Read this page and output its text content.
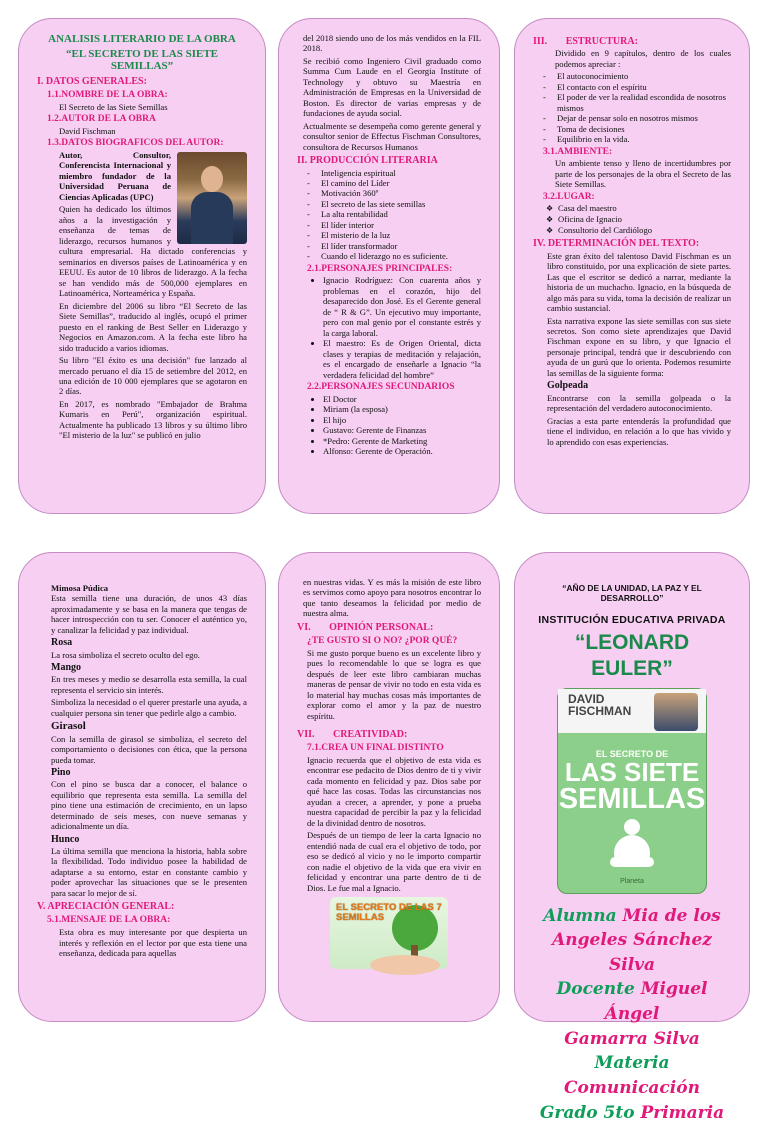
ANALISIS LITERARIO DE LA OBRA
“EL SECRETO DE LAS SIETE SEMILLAS”
I. DATOS GENERALES:
1.1.NOMBRE DE LA OBRA:

El Secreto de las Siete Semillas

1.2.AUTOR DE LA OBRA

David Fischman

1.3.DATOS BIOGRAFICOS DEL AUTOR:

Autor, Consultor, Conferencista Internacional y miembro fundador de la Universidad Peruana de Ciencias Aplicadas (UPC)

Quien ha dedicado los últimos años a la investigación y enseñanza de temas de liderazgo, recursos humanos y cultura empresarial. Ha dictado conferencias y seminarios en diversos países de Latinoamérica y en EEUU. Es autor de 10 libros de liderazgo. A la fecha se han vendido más de 500,000 ejemplares en Latinoamérica, Norteamérica y España.

En diciembre del 2006 su libro “El Secreto de las Siete Semillas”, traducido al inglés, ocupó el primer puesto en el ranking de Best Seller en Liderazgo y Negocios en Amazon.com. A la fecha este libro ha sido traducido a varios idiomas.

Su libro "El éxito es una decisión" fue lanzado al mercado peruano el día 15 de setiembre del 2012, en una edición de 10 000 ejemplares que se agotaron en 2 días.

En 2017, es nombrado "Embajador de Brahma Kumaris en Perú", organización espiritual. Actualmente ha publicado 13 libros y su último libro "El misterio de la luz" se publicó en julio

del 2018 siendo uno de los más vendidos en la FIL 2018.

Se recibió como Ingeniero Civil graduado como Summa Cum Laude en el Georgia Institute of Technology y obtuvo su Maestría en Administración de Empresas en la Universidad de Boston. Es director de varias empresas y de fundaciones de ayuda social.

Actualmente se desempeña como gerente general y consultor senior de Effectus Fischman Consultores, consultora de Recursos Humanos

II. PRODUCCIÓN LITERARIA
- Inteligencia espiritual
- El camino del Líder
- Motivación 360º
- El secreto de las siete semillas
- La alta rentabilidad
- El líder interior
- El misterio de la luz
- El líder transformador
- Cuando el liderazgo no es suficiente.
2.1.PERSONAJES PRINCIPALES:
• Ignacio Rodríguez: Con cuarenta años y problemas en el corazón, hijo del desaparecido don José. Es el Gerente general de “ R & G”. Un ejecutivo muy importante, pero con mal genio por el constante estrés y la carga laboral.
• El maestro: Es de Origen Oriental, dicta clases y terapias de meditación y relajación, es el encargado de enseñarle a Ignacio “la verdadera felicidad del hombre”
2.2.PERSONAJES SECUNDARIOS
• El Doctor
• Miriam (la esposa)
• El hijo
• Gustavo: Gerente de Finanzas
• *Pedro: Gerente de Marketing
• Alfonso: Gerente de Operación.
III. ESTRUCTURA:

Dividido en 9 capítulos, dentro de los cuales podemos apreciar :

- El autoconocimiento
- El contacto con el espíritu
- El poder de ver la realidad escondida de nosotros mismos
- Dejar de pensar solo en nosotros mismos
- Toma de decisiones
- Equilibrio en la vida.
3.1.AMBIENTE:

Un ambiente tenso y lleno de incertidumbres por parte de los personajes de la obra el Secreto de las Siete Semillas.

3.2.LUGAR:
❖ Casa del maestro
❖ Oficina de Ignacio
❖ Consultorio del Cardiólogo
IV. DETERMINACIÓN DEL TEXTO:

Este gran éxito del talentoso David Fischman es un libro constituido, por una explicación de siete partes. Las que el escritor se dedicó a narrar, mediante la historia de un muchacho. Ignacio, en la búsqueda de algo más para su vida, toma la decisión de realizar un cambio sustancial.

Esta narrativa expone las siete semillas con sus siete secretos. Son como siete aprendizajes que David Fischman expone en su libro, y que Ignacio el personaje principal, tendrá que ir descubriendo con ayuda de un gurú que lo orienta. Podemos resumirte las semillas de la siguiente forma:

Golpeada

Encontrarse con la semilla golpeada o la representación del verdadero autoconocimiento.

Gracias a esta parte entenderás la profundidad que tiene el individuo, en relación a lo que has vivido y lo aprendido con esas experiencias.

Mimosa Púdica

Esta semilla tiene una duración, de unos 43 días aproximadamente y se basa en la manera que tengas de hacer introspección con tu ser. Conocer el auténtico yo, y canalizar la felicidad y paz individual.

Rosa

La rosa simboliza el secreto oculto del ego.

Mango

En tres meses y medio se desarrolla esta semilla, la cual representa el servicio sin interés.

Simboliza la necesidad o el querer prestarle una ayuda, a cualquier persona sin tener que pedirle algo a cambio.

Girasol

Con la semilla de girasol se simboliza, el secreto del comportamiento o decisiones con ética, que la persona pueda tomar.

Pino

Con el pino se busca dar a conocer, el balance o equilibrio que representa esta semilla. La semilla del pino tiene una estimación de crecimiento, en un lapso determinado de seis meses, con nueve semanas y adicionalmente un día.

Hunco

La última semilla que menciona la historia, habla sobre la flexibilidad. Todo individuo posee la habilidad de adaptarse a su entorno, estar en constante cambio y poder aprovechar las situaciones que se le presenten para sacar lo mejor de sí.

V. APRECIACIÓN GENERAL:
5.1.MENSAJE DE LA OBRA:

Esta obra es muy interesante por que despierta un interés y reflexión en el lector por que esta tiene una enseñanza, dedicada para aquellas

en nuestras vidas. Y es más la misión de este libro es servimos como apoyo para nosotros encontrar lo que tanto deseamos la felicidad por medio de nuestra alma.

VI. OPINIÓN PERSONAL:
¿TE GUSTO SI O NO? ¿POR QUÉ?

Si me gusto porque bueno es un excelente libro y pues lo recomendable lo que se logra es que después de leer este libro cambiaran muchas maneras de pensar de vivir no todo en esta vida es lo material hay muchas cosas más importantes de explorar como el amor y la paz de nuestro espíritu.

VII. CREATIVIDAD:
7.1.CREA UN FINAL DISTINTO

Ignacio recuerda que el objetivo de esta vida es encontrar ese pedacito de Dios dentro de ti y vivir cada momento en felicidad y paz. Dios sabe por qué hace las cosas. Todas las circunstancias nos ayudan a crecer, a aprender, y pone a prueba nuestra capacidad de percibir la paz y la felicidad de la divinidad dentro de nosotros.

Después de un tiempo de leer la carta Ignacio no entendió nada de cual era el objetivo de todo, por eso se dedicó al vicio y no le importo compartir con nadie el objetivo de la vida que era vivir en felicidad y encontrar una parte dentro de ti de Dios. Le fue mal a Ignacio.

EL SECRETO DE LAS 7 SEMILLAS
“AÑO DE LA UNIDAD, LA PAZ Y EL DESARROLLO”
INSTITUCIÓN EDUCATIVA PRIVADA
“LEONARD EULER”
DAVID
FISCHMAN
EL SECRETO DE
LAS SIETE
SEMILLAS
Planeta
Alumna Mia de los
Angeles Sánchez Silva
Docente Miguel Ángel
Gamarra Silva
Materia Comunicación
Grado 5to Primaria
